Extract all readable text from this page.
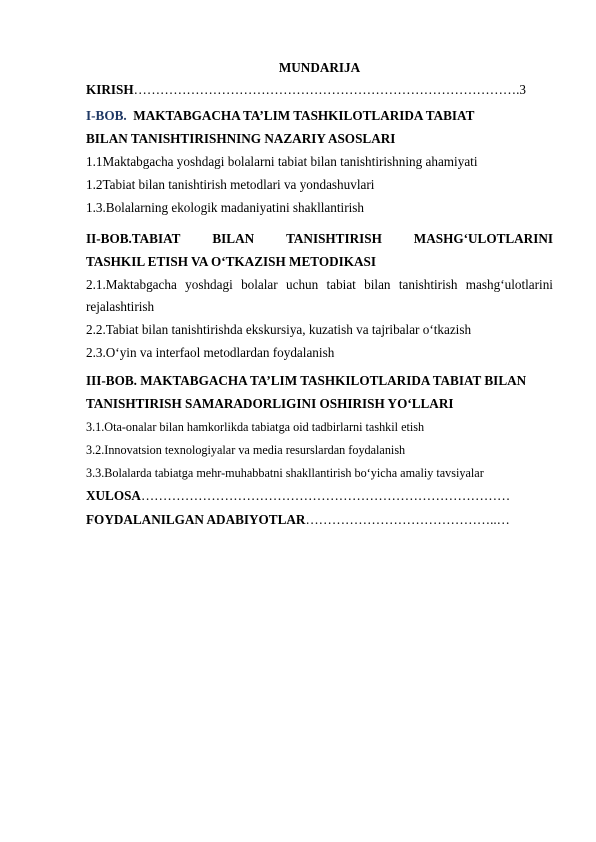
MUNDARIJA
KIRISH…………………………………………………………………………….3
I-BOB. MAKTABGACHA TA’LIM TASHKILOTLARIDA TABIAT
BILAN TANISHTIRISHNING NAZARIY ASOSLARI
1.1Maktabgacha yoshdagi bolalarni tabiat bilan tanishtirishning ahamiyati
1.2Tabiat bilan tanishtirish metodlari va yondashuvlari
1.3.Bolalarning ekologik madaniyatini shakllantirish
II-BOB.TABIAT BILAN TANISHTIRISH MASHG‘ULOTLARINI
TASHKIL ETISH VA O‘TKAZISH METODIKASI
2.1.Maktabgacha yoshdagi bolalar uchun tabiat bilan tanishtirish mashg‘ulotlarini
rejalashtirish
2.2.Tabiat bilan tanishtirishda ekskursiya, kuzatish va tajribalar o‘tkazish
2.3.O‘yin va interfaol metodlardan foydalanish
III-BOB. MAKTABGACHA TA’LIM TASHKILOTLARIDA TABIAT BILAN
TANISHTIRISH SAMARADORLIGINI OSHIRISH YO‘LLARI
3.1.Ota-onalar bilan hamkorlikda tabiatga oid tadbirlarni tashkil etish
3.2.Innovatsion texnologiyalar va media resurslardan foydalanish
3.3.Bolalarda tabiatga mehr-muhabbatni shakllantirish bo‘yicha amaliy tavsiyalar
XULOSA…………………………………………………………………………
FOYDALANILGAN ADABIYOTLAR……………………………………..…
